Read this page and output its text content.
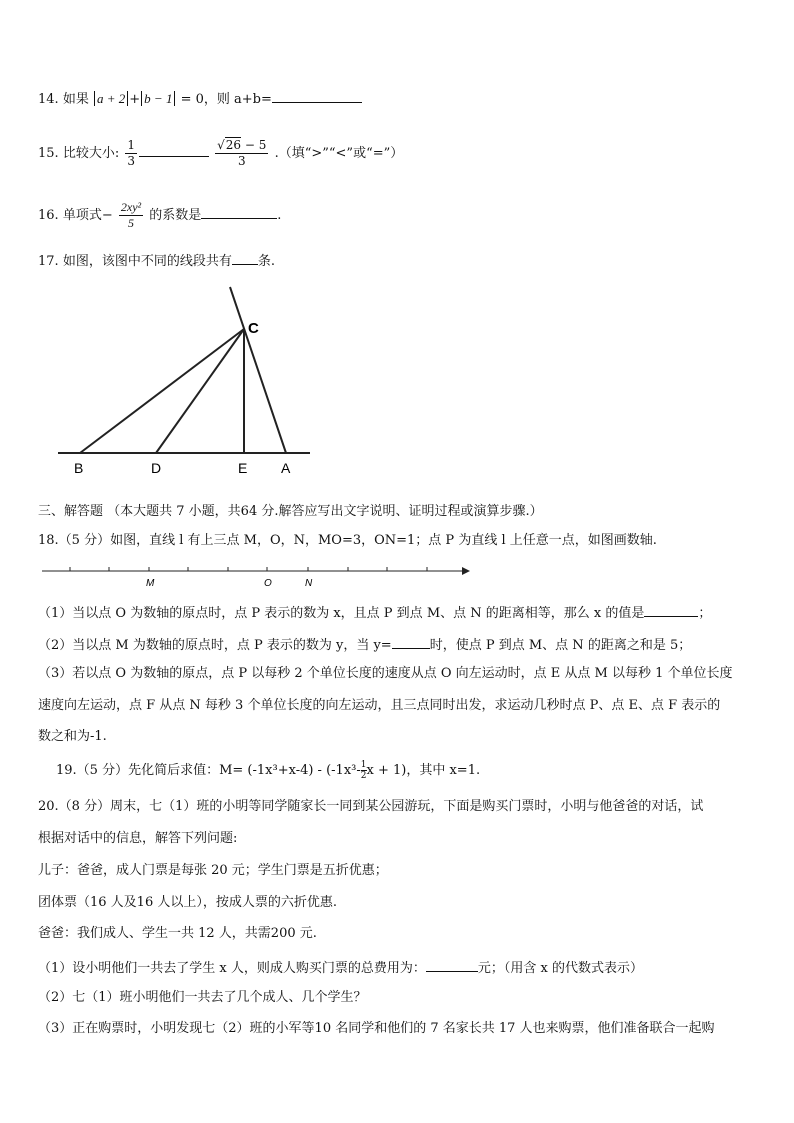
14. 如果 a + 2 + b − 1 = 0，则 a+b=
15. 比较大小: $\frac{1}{3}$
	$\frac{√26 - 5}{3}$ .（填“>”“<”或“=”）
16. 单项式− $\frac{\text{2xy²}}{5}$ 的系数是	.
17. 如图，该图中不同的线段共有 条.
C
B	D	E A
三、解答题 （本大题共 7 小题，共64 分.解答应写出文字说明、证明过程或演算步骤.）
18.（5 分）如图，直线 l 有上三点 M，O，N，MO=3，ON=1；点 P 为直线 l 上任意一点，如图画数轴.
M	O	N
（1）当以点 O 为数轴的原点时，点 P 表示的数为 x，且点 P 到点 M、点 N 的距离相等，那么 x 的值是	；
（2）当以点 M 为数轴的原点时，点 P 表示的数为 y，当 y=	时，使点 P 到点 M、点 N 的距离之和是 5；
（3）若以点 O 为数轴的原点，点 P 以每秒 2 个单位长度的速度从点 O 向左运动时，点 E 从点 M 以每秒 1 个单位长度
速度向左运动，点 F 从点 N 每秒 3 个单位长度的向左运动，且三点同时出发，求运动几秒时点 P、点 E、点 F 表示的
数之和为-1.
19.（5 分）先化简后求值：$M= (-1x^3+x-4) - (-1x^3- \frac{1}{2}x + 1)$，其中 x=1.
20.（8 分）周末，七（1）班的小明等同学随家长一同到某公园游玩，下面是购买门票时，小明与他爸爸的对话，试
根据对话中的信息，解答下列问题:
儿子：爸爸，成人门票是每张 20 元；学生门票是五折优惠；
团体票（16 人及16 人以上），按成人票的六折优惠.
爸爸：我们成人、学生一共 12 人，共需200 元.
（1）设小明他们一共去了学生 x 人，则成人购买门票的总费用为：	元；（用含 x 的代数式表示）
（2）七（1）班小明他们一共去了几个成人、几个学生？
（3）正在购票时，小明发现七（2）班的小军等10 名同学和他们的 7 名家长共 17 人也来购票，他们准备联合一起购
